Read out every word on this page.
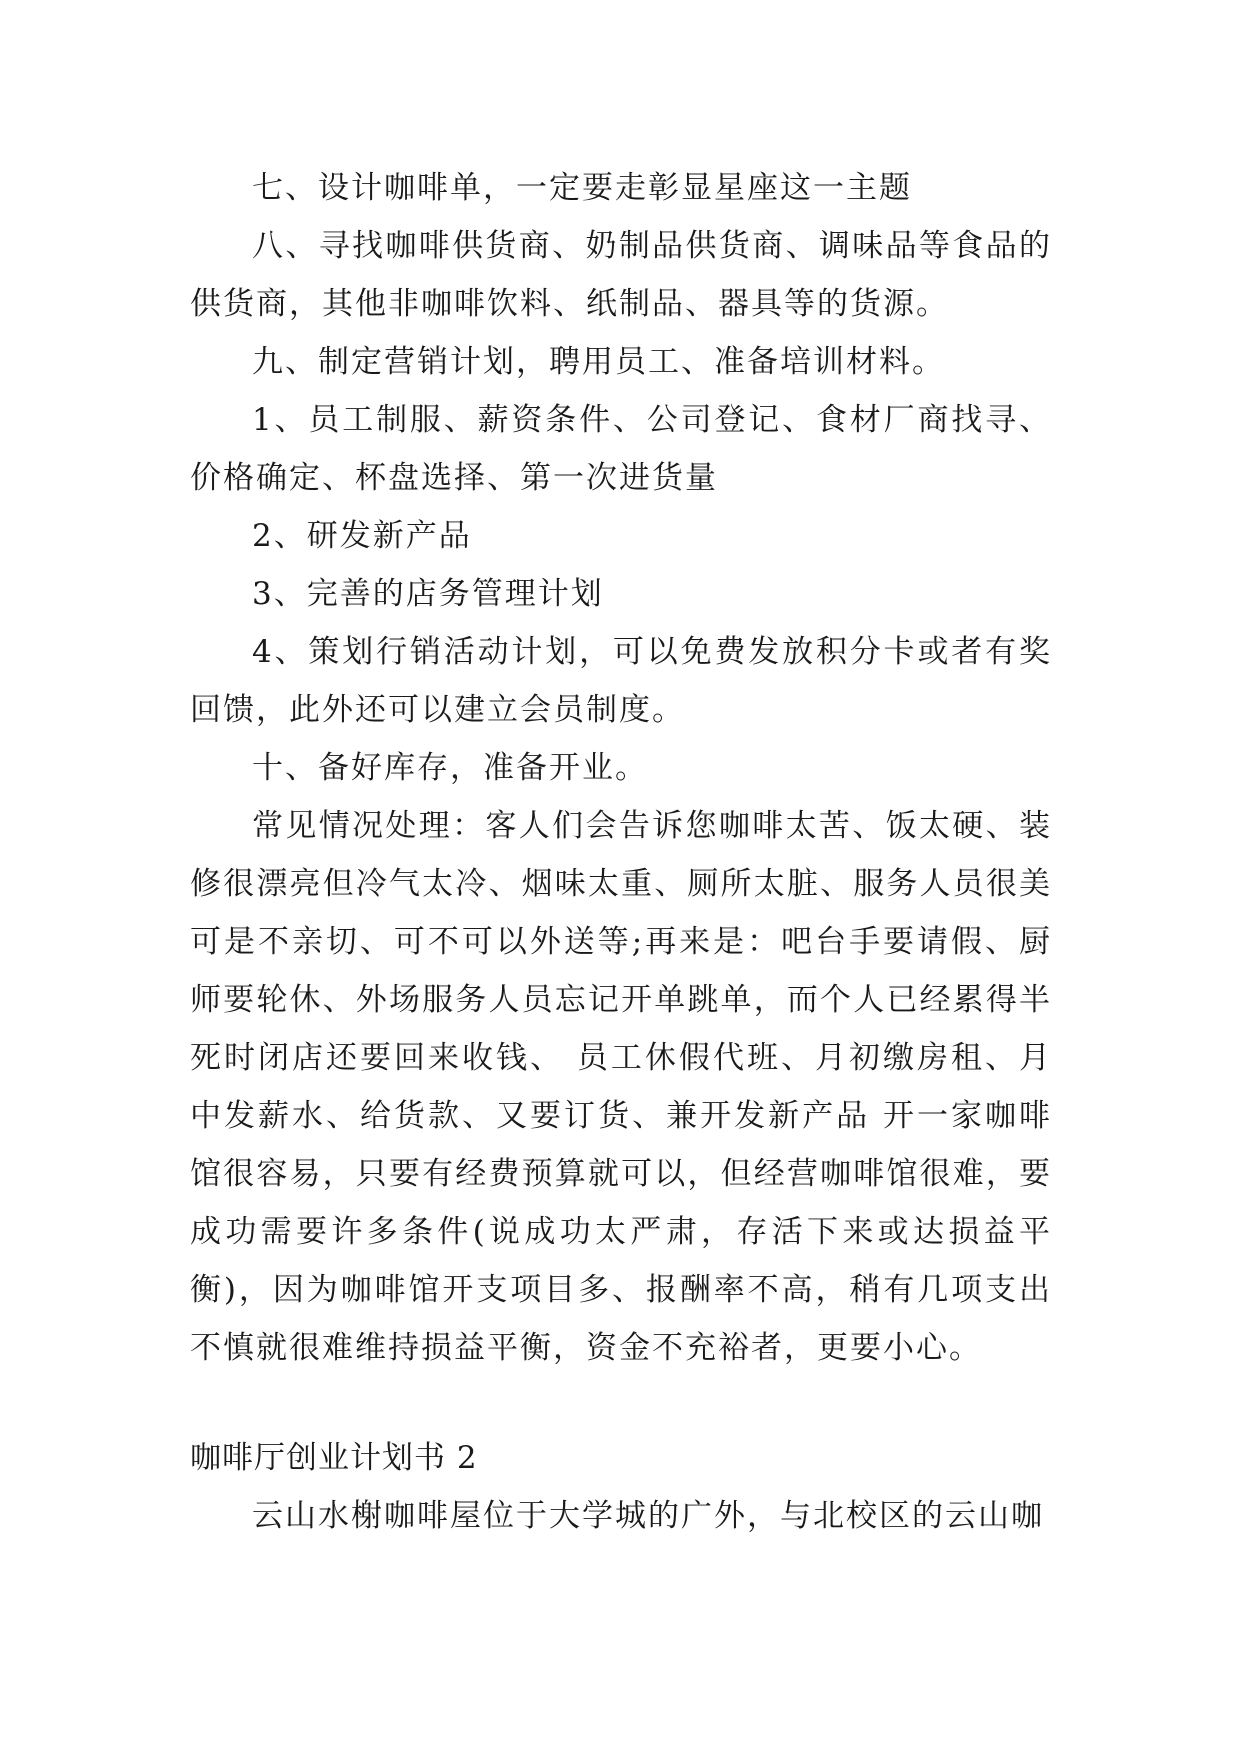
七、设计咖啡单，一定要走彰显星座这一主题

八、寻找咖啡供货商、奶制品供货商、调味品等食品的供货商，其他非咖啡饮料、纸制品、器具等的货源。

九、制定营销计划，聘用员工、准备培训材料。

1、员工制服、薪资条件、公司登记、食材厂商找寻、价格确定、杯盘选择、第一次进货量

2、研发新产品

3、完善的店务管理计划

4、策划行销活动计划，可以免费发放积分卡或者有奖回馈，此外还可以建立会员制度。

十、备好库存，准备开业。

常见情况处理：客人们会告诉您咖啡太苦、饭太硬、装修很漂亮但冷气太冷、烟味太重、厕所太脏、服务人员很美可是不亲切、可不可以外送等;再来是：吧台手要请假、厨师要轮休、外场服务人员忘记开单跳单，而个人已经累得半死时闭店还要回来收钱、 员工休假代班、月初缴房租、月中发薪水、给货款、又要订货、兼开发新产品 开一家咖啡馆很容易，只要有经费预算就可以，但经营咖啡馆很难，要成功需要许多条件(说成功太严肃，存活下来或达损益平衡)，因为咖啡馆开支项目多、报酬率不高，稍有几项支出不慎就很难维持损益平衡，资金不充裕者，更要小心。

咖啡厅创业计划书 2

云山水榭咖啡屋位于大学城的广外，与北校区的云山咖
